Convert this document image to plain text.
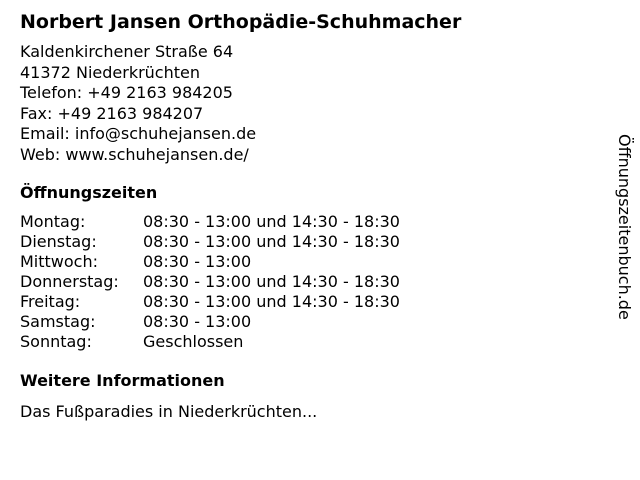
Norbert Jansen Orthopädie-Schuhmacher
Kaldenkirchener Straße 64
41372 Niederkrüchten
Telefon: +49 2163 984205
Fax: +49 2163 984207
Email: info@schuhejansen.de
Web: www.schuhejansen.de/
Öffnungszeiten
Montag:	08:30 - 13:00 und 14:30 - 18:30
Dienstag:	08:30 - 13:00 und 14:30 - 18:30
Mittwoch:	08:30 - 13:00
Donnerstag:	08:30 - 13:00 und 14:30 - 18:30
Freitag:	08:30 - 13:00 und 14:30 - 18:30
Samstag:	08:30 - 13:00
Sonntag:	Geschlossen
Weitere Informationen
Das Fußparadies in Niederkrüchten...
Öffnungszeitenbuch.de
